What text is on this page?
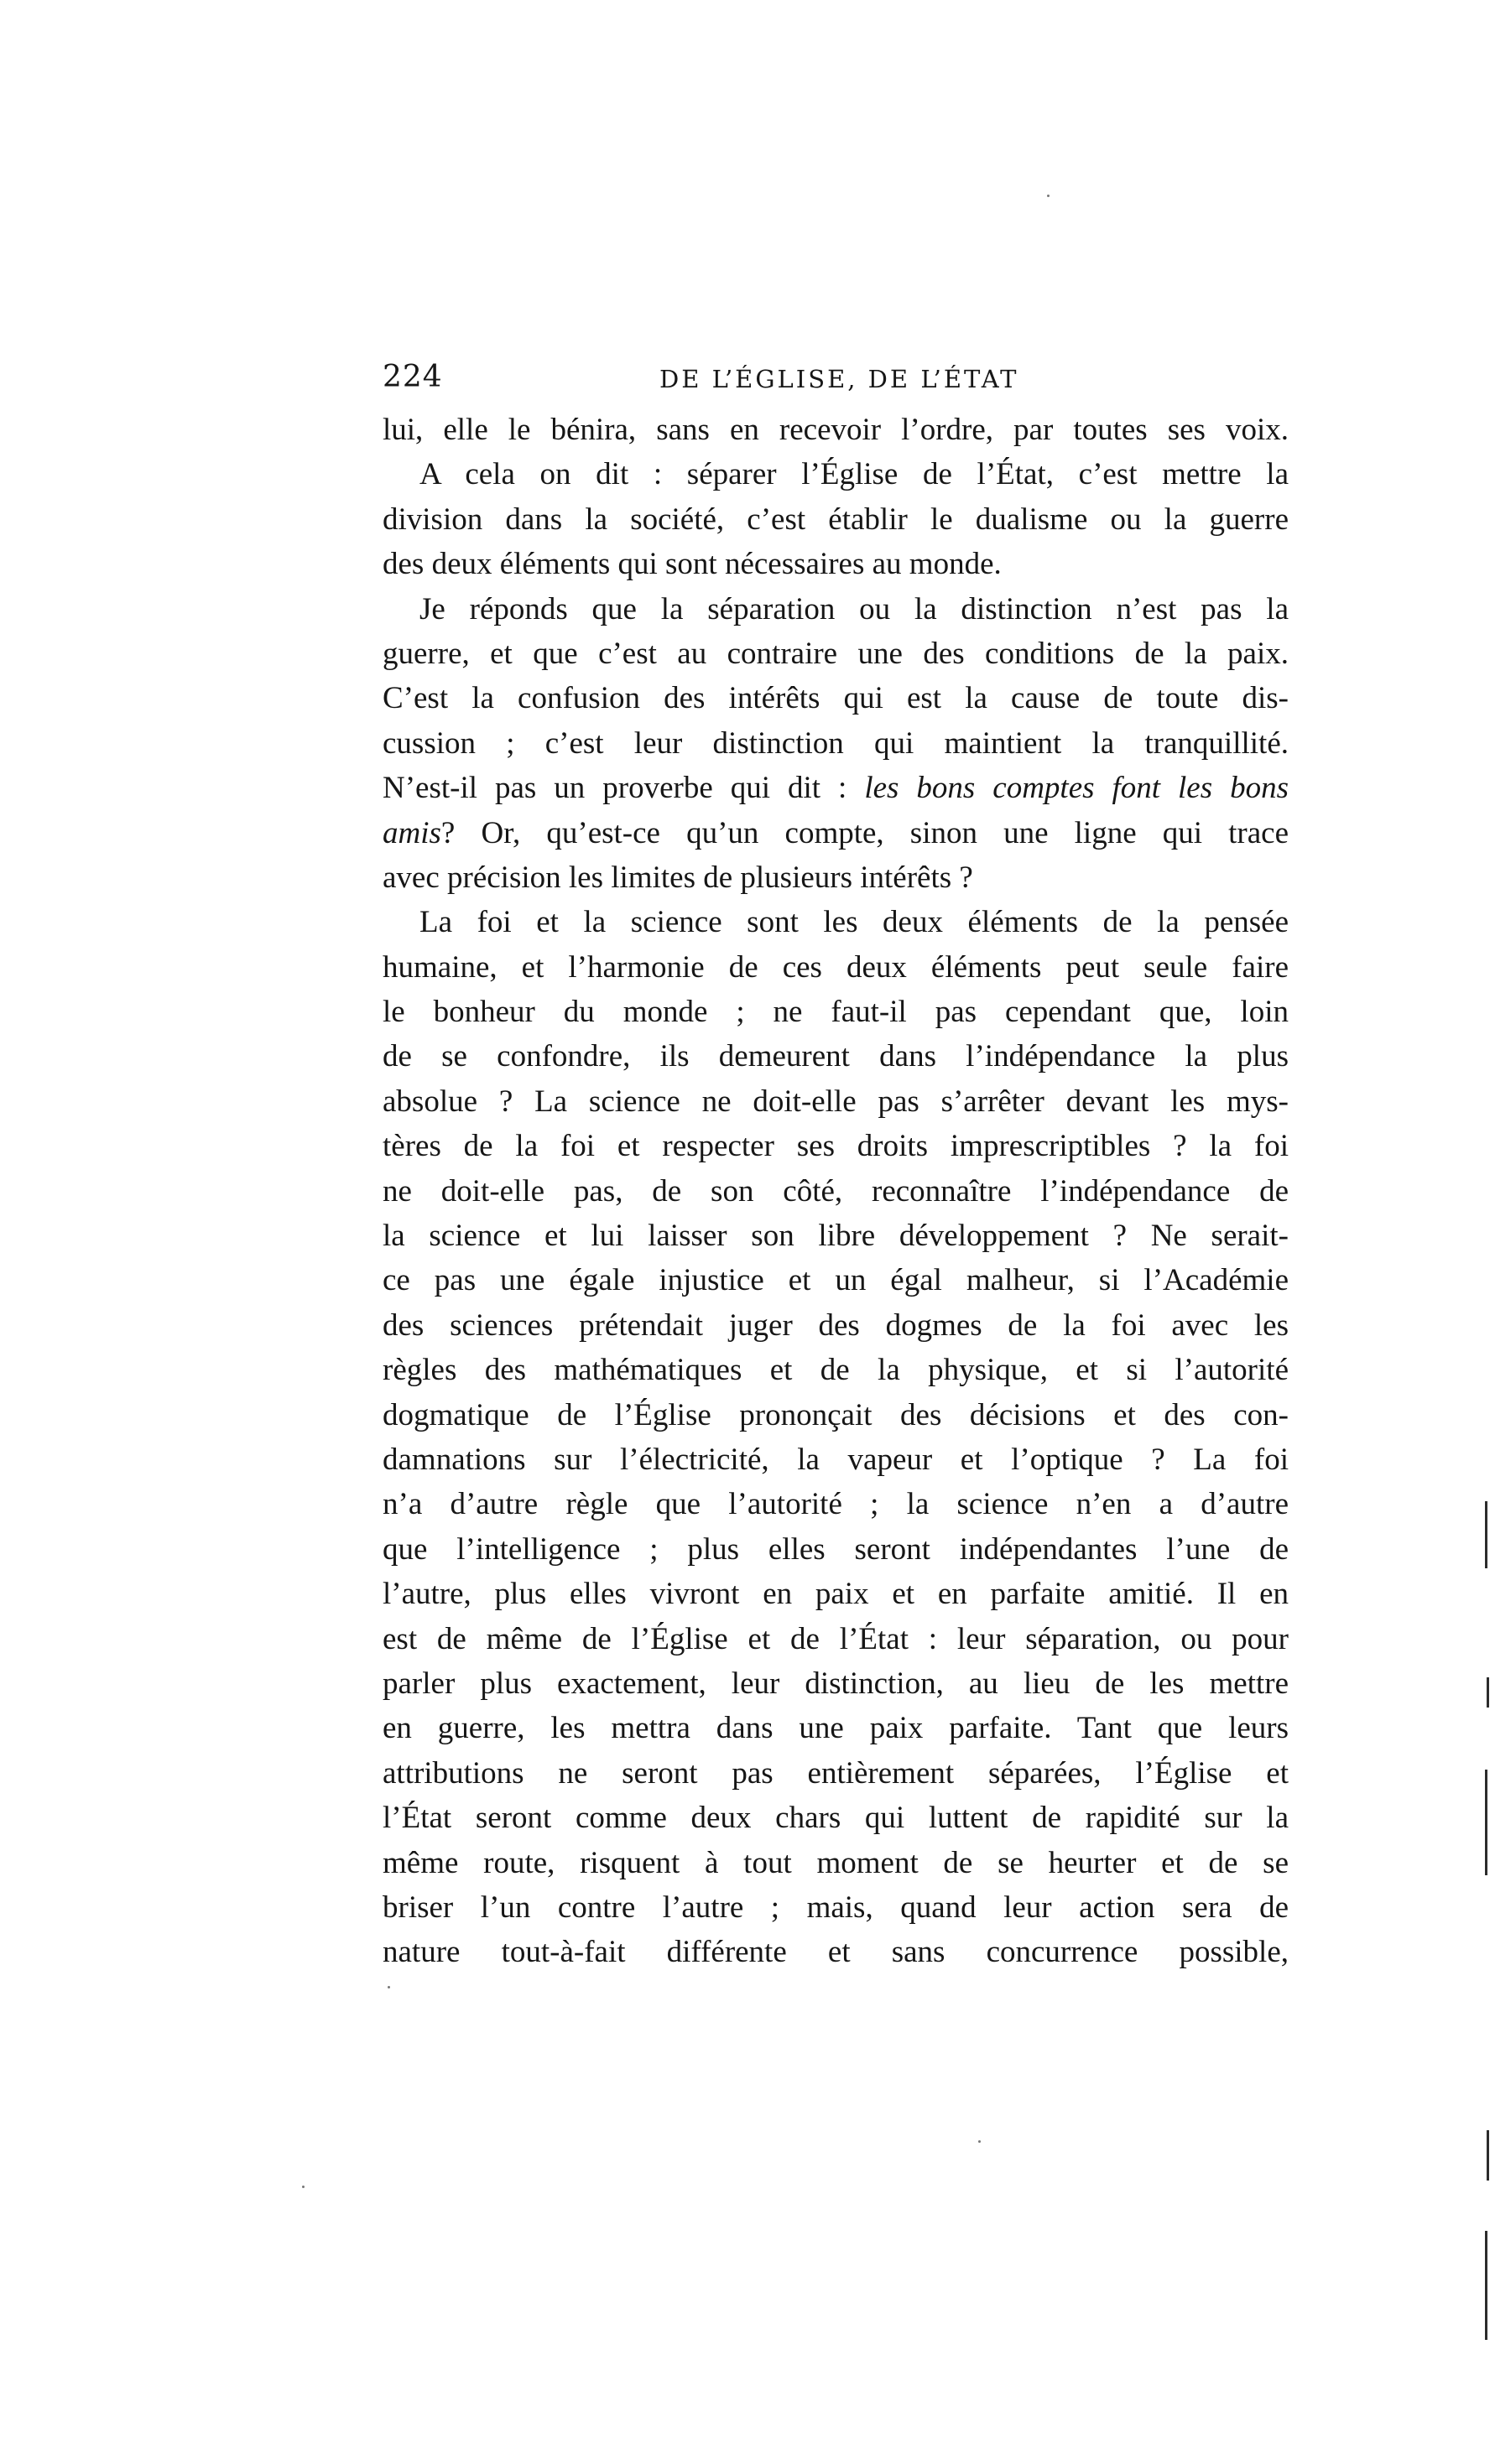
224	DE L’ÉGLISE, DE L’ÉTAT
lui, elle le bénira, sans en recevoir l’ordre, par toutes ses voix.
A cela on dit : séparer l’Église de l’État, c’est mettre la
division dans la société, c’est établir le dualisme ou la guerre
des deux éléments qui sont nécessaires au monde.
Je réponds que la séparation ou la distinction n’est pas la
guerre, et que c’est au contraire une des conditions de la paix.
C’est la confusion des intérêts qui est la cause de toute dis-
cussion ; c’est leur distinction qui maintient la tranquillité.
N’est-il pas un proverbe qui dit : les bons comptes font les bons
amis? Or, qu’est-ce qu’un compte, sinon une ligne qui trace
avec précision les limites de plusieurs intérêts ?
La foi et la science sont les deux éléments de la pensée
humaine, et l’harmonie de ces deux éléments peut seule faire
le bonheur du monde ; ne faut-il pas cependant que, loin
de se confondre, ils demeurent dans l’indépendance la plus
absolue ? La science ne doit-elle pas s’arrêter devant les mys-
tères de la foi et respecter ses droits imprescriptibles ? la foi
ne doit-elle pas, de son côté, reconnaître l’indépendance de
la science et lui laisser son libre développement ? Ne serait-
ce pas une égale injustice et un égal malheur, si l’Académie
des sciences prétendait juger des dogmes de la foi avec les
règles des mathématiques et de la physique, et si l’autorité
dogmatique de l’Église prononçait des décisions et des con-
damnations sur l’électricité, la vapeur et l’optique ? La foi
n’a d’autre règle que l’autorité ; la science n’en a d’autre
que l’intelligence ; plus elles seront indépendantes l’une de
l’autre, plus elles vivront en paix et en parfaite amitié. Il en
est de même de l’Église et de l’État : leur séparation, ou pour
parler plus exactement, leur distinction, au lieu de les mettre
en guerre, les mettra dans une paix parfaite. Tant que leurs
attributions ne seront pas entièrement séparées, l’Église et
l’État seront comme deux chars qui luttent de rapidité sur la
même route, risquent à tout moment de se heurter et de se
briser l’un contre l’autre ; mais, quand leur action sera de
nature tout-à-fait différente et sans concurrence possible,
